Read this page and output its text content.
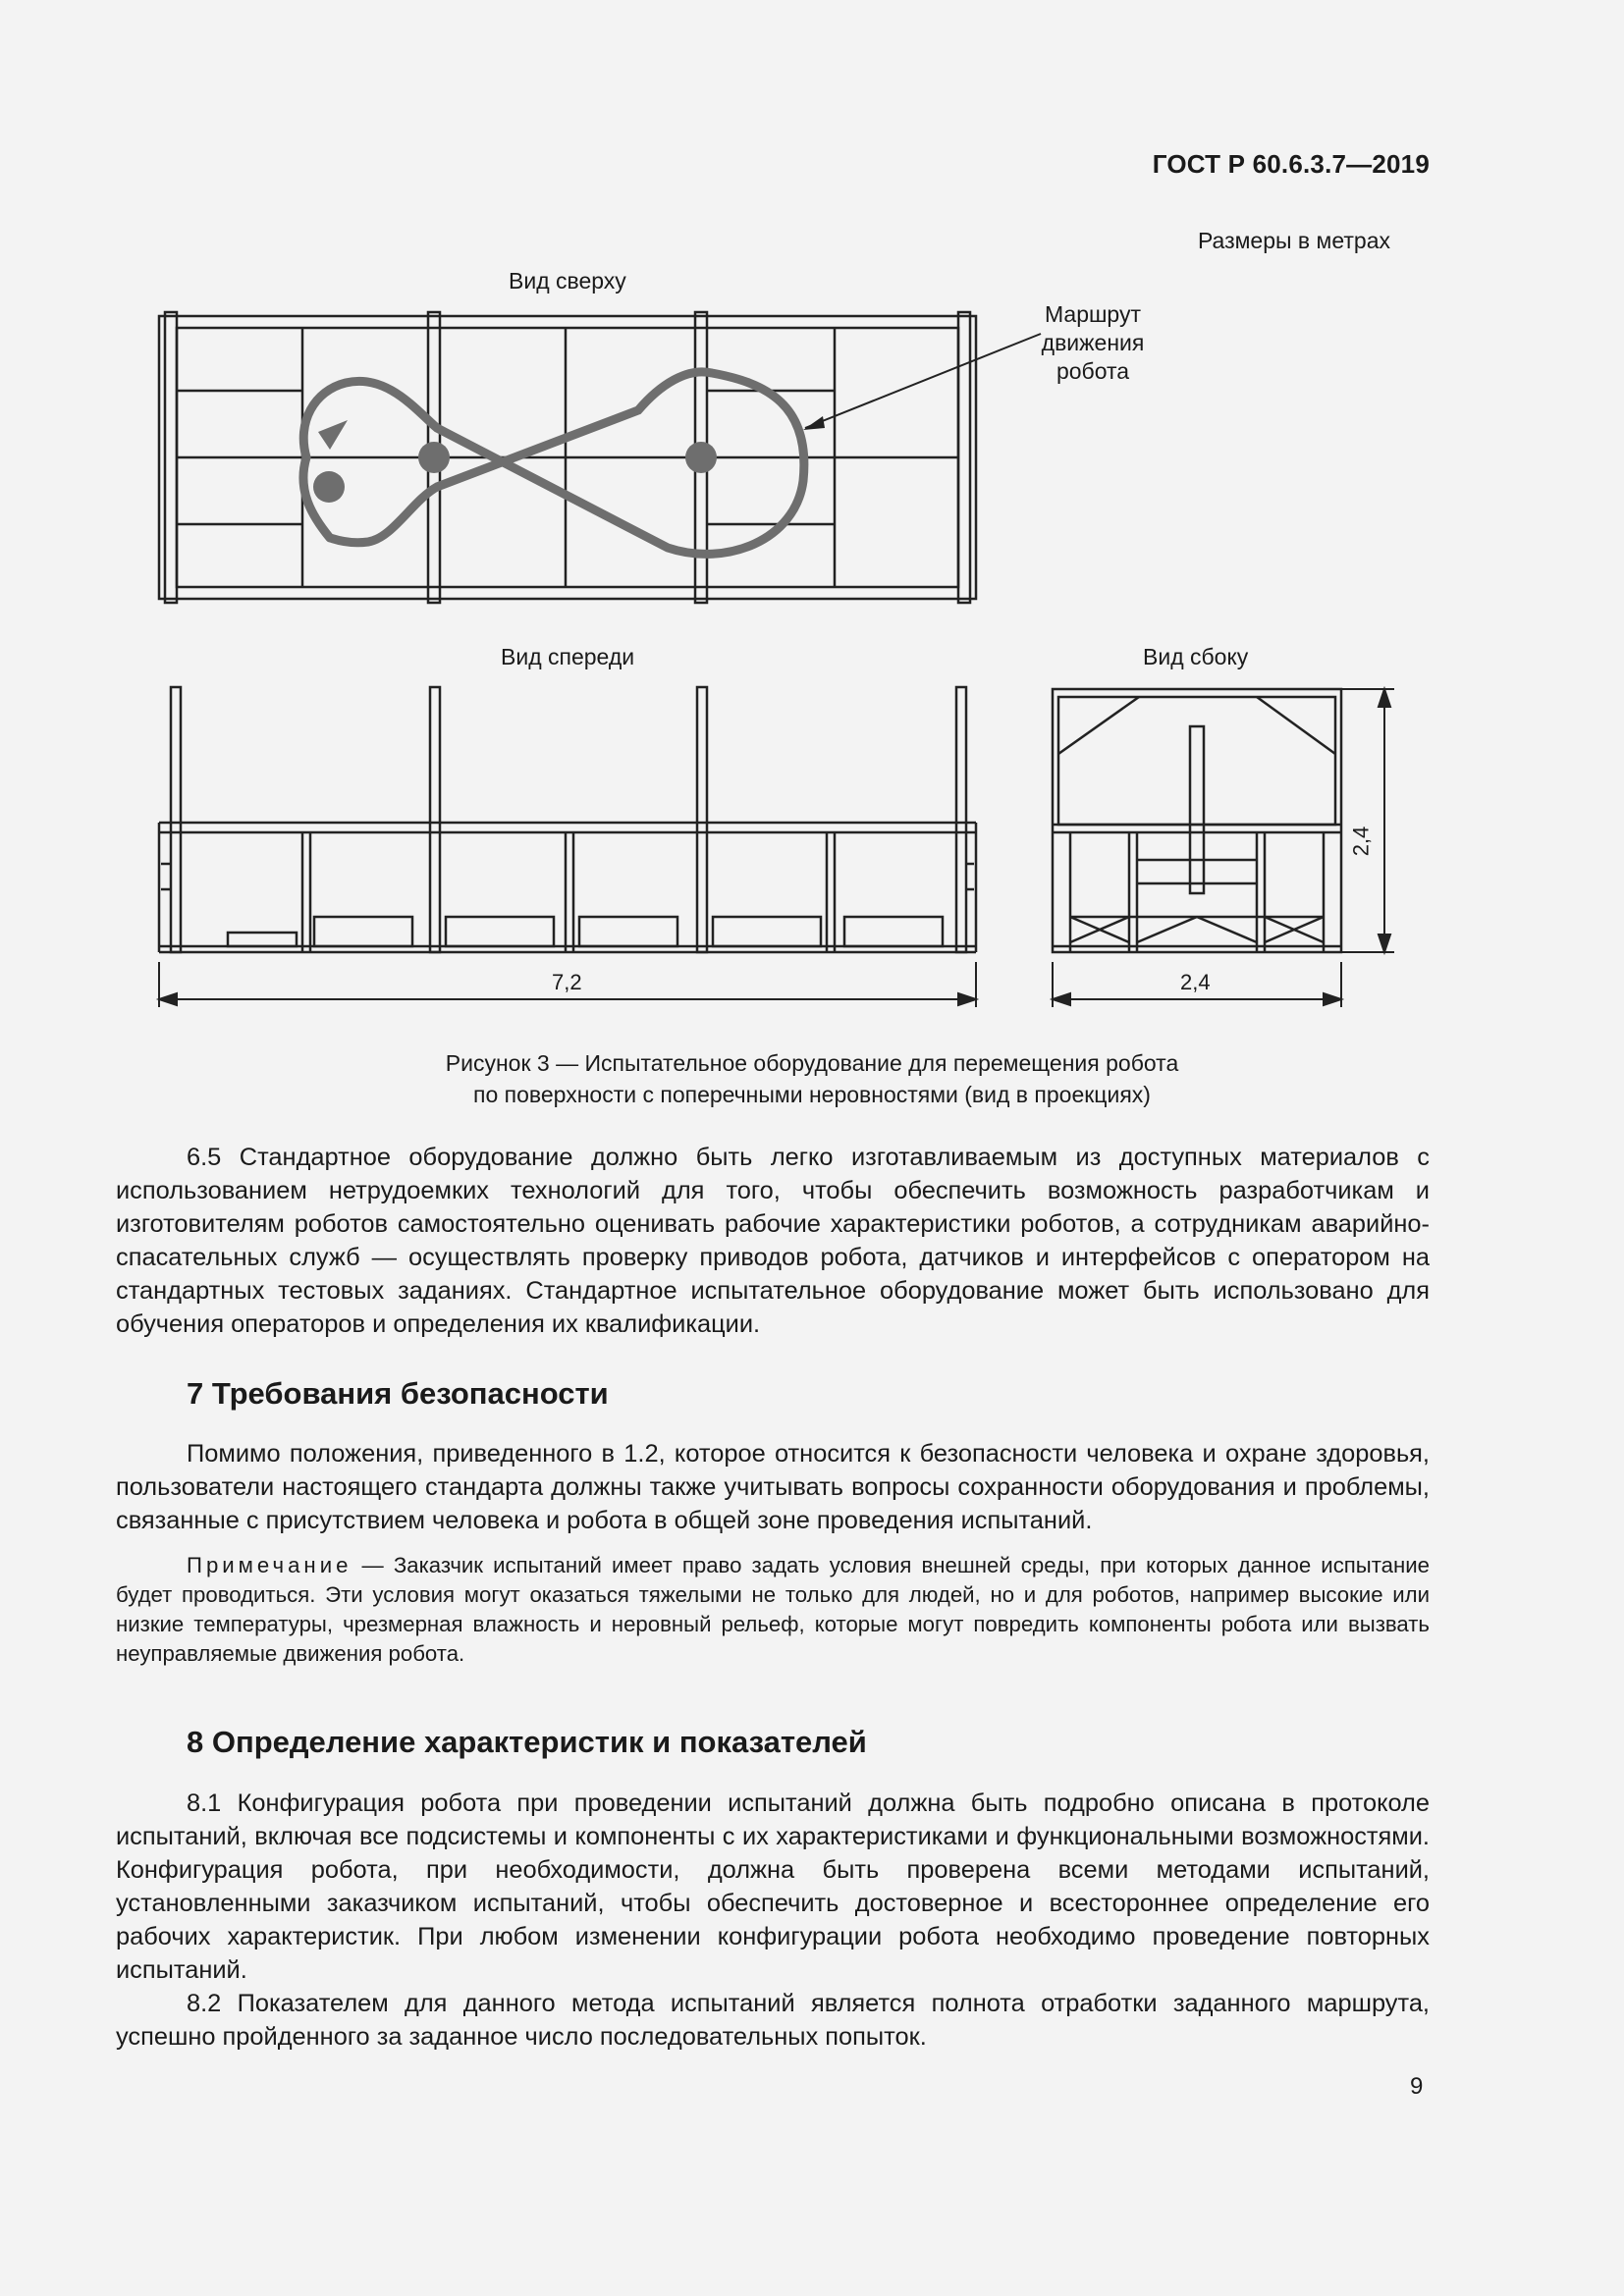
ГОСТ Р 60.6.3.7—2019
Размеры в метрах
Вид сверху
Вид спереди	Вид сбоку
Маршрут
движения
робота
7,2	2,4
2,4
Рисунок 3 — Испытательное оборудование для перемещения робота
по поверхности с поперечными неровностями (вид в проекциях)

6.5 Стандартное оборудование должно быть легко изготавливаемым из доступных материалов с использованием нетрудоемких технологий для того, чтобы обеспечить возможность разработчикам и изготовителям роботов самостоятельно оценивать рабочие характеристики роботов, а сотрудникам аварийно-спасательных служб — осуществлять проверку приводов робота, датчиков и интерфейсов с оператором на стандартных тестовых заданиях. Стандартное испытательное оборудование может быть использовано для обучения операторов и определения их квалификации.

7 Требования безопасности

Помимо положения, приведенного в 1.2, которое относится к безопасности человека и охране здоровья, пользователи настоящего стандарта должны также учитывать вопросы сохранности оборудования и проблемы, связанные с присутствием человека и робота в общей зоне проведения испытаний.

Примечание — Заказчик испытаний имеет право задать условия внешней среды, при которых данное испытание будет проводиться. Эти условия могут оказаться тяжелыми не только для людей, но и для роботов, например высокие или низкие температуры, чрезмерная влажность и неровный рельеф, которые могут повредить компоненты робота или вызвать неуправляемые движения робота.

8 Определение характеристик и показателей

8.1 Конфигурация робота при проведении испытаний должна быть подробно описана в протоколе испытаний, включая все подсистемы и компоненты с их характеристиками и функциональными возможностями. Конфигурация робота, при необходимости, должна быть проверена всеми методами испытаний, установленными заказчиком испытаний, чтобы обеспечить достоверное и всестороннее определение его рабочих характеристик. При любом изменении конфигурации робота необходимо проведение повторных испытаний.

8.2 Показателем для данного метода испытаний является полнота отработки заданного маршрута, успешно пройденного за заданное число последовательных попыток.

9
